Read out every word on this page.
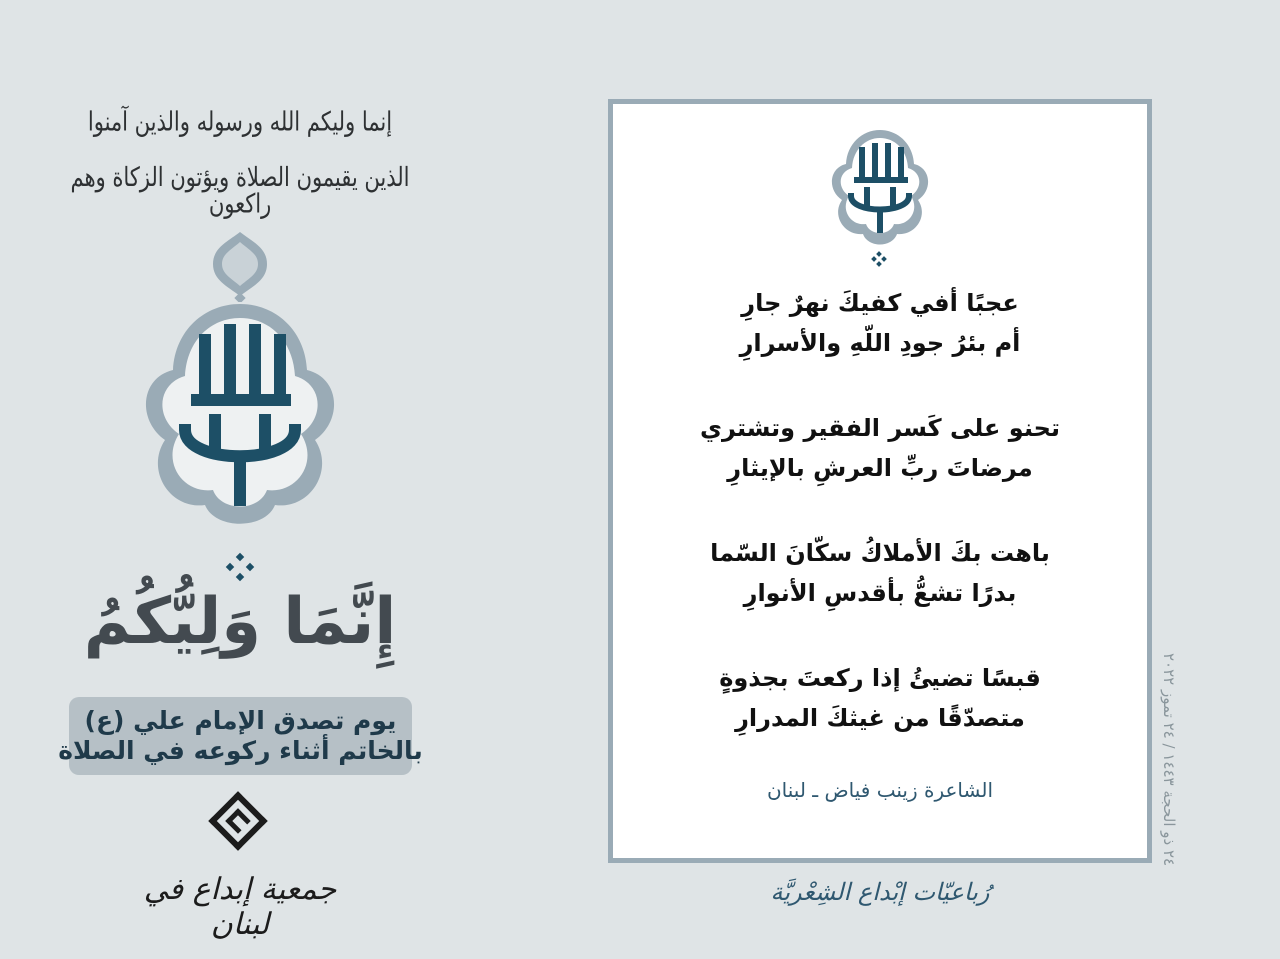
إنما وليكم الله ورسوله والذين آمنوا
الذين يقيمون الصلاة ويؤتون الزكاة وهم راكعون
إِنَّمَا وَلِيُّكُمُ
يوم تصدق الإمام علي (ع)
بالخاتم أثناء ركوعه في الصلاة
جمعية إبداع في لبنان
عجبًا أفي كفيكَ نهرٌ جارِ
أم بئرُ جودِ اللّهِ والأسرارِ
تحنو على كَسر الفقير وتشتري
مرضاتَ ربِّ العرشِ بالإيثارِ
باهت بكَ الأملاكُ سكّانَ السّما
بدرًا تشعُّ بأقدسِ الأنوارِ
قبسًا تضيئُ إذا ركعتَ بجذوةٍ
متصدّقًا من غيثكَ المدرارِ
الشاعرة زينب فياض ـ لبنان
رُباعيّات إبْداع الشِعْريَّة
٢٤ ذو الحجة ١٤٤٣ / ٢٤ تموز ٢٠٢٢
